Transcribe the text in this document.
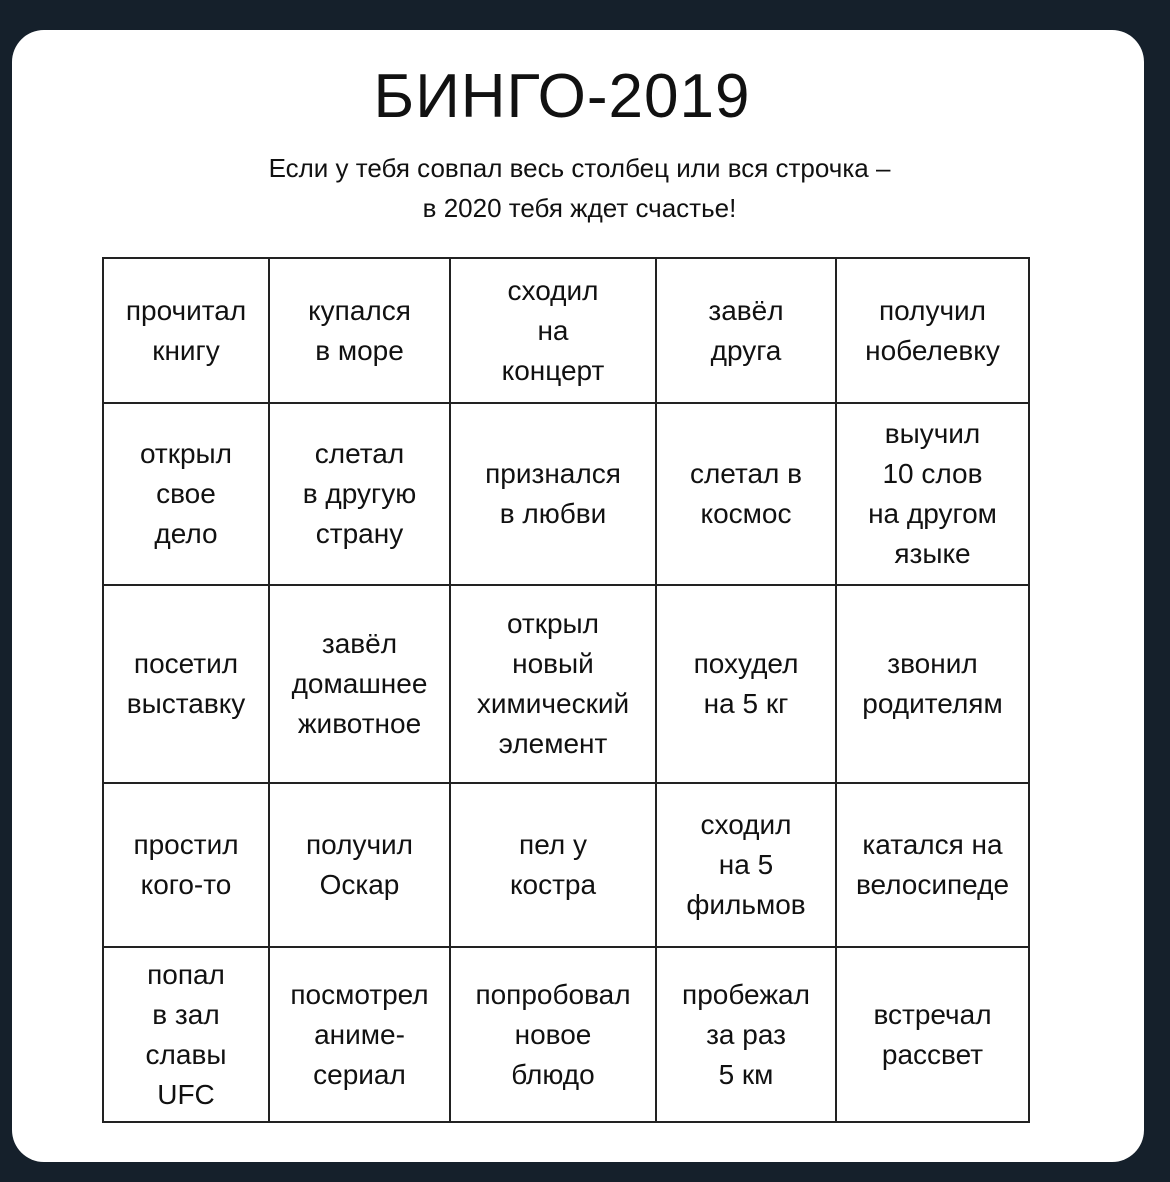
БИНГО-2019
Если у тебя совпал весь столбец или вся строчка –
в 2020 тебя ждет счастье!
прочитал
книгу
купался
в море
сходил
на
концерт
завёл
друга
получил
нобелевку
открыл
свое
дело
слетал
в другую
страну
признался
в любви
слетал в
космос
выучил
10 слов
на другом
языке
посетил
выставку
завёл
домашнее
животное
открыл
новый
химический
элемент
похудел
на 5 кг
звонил
родителям
простил
кого-то
получил
Оскар
пел у
костра
сходил
на 5
фильмов
катался на
велосипеде
попал
в зал
славы
UFC
посмотрел
аниме-
сериал
попробовал
новое
блюдо
пробежал
за раз
5 км
встречал
рассвет
